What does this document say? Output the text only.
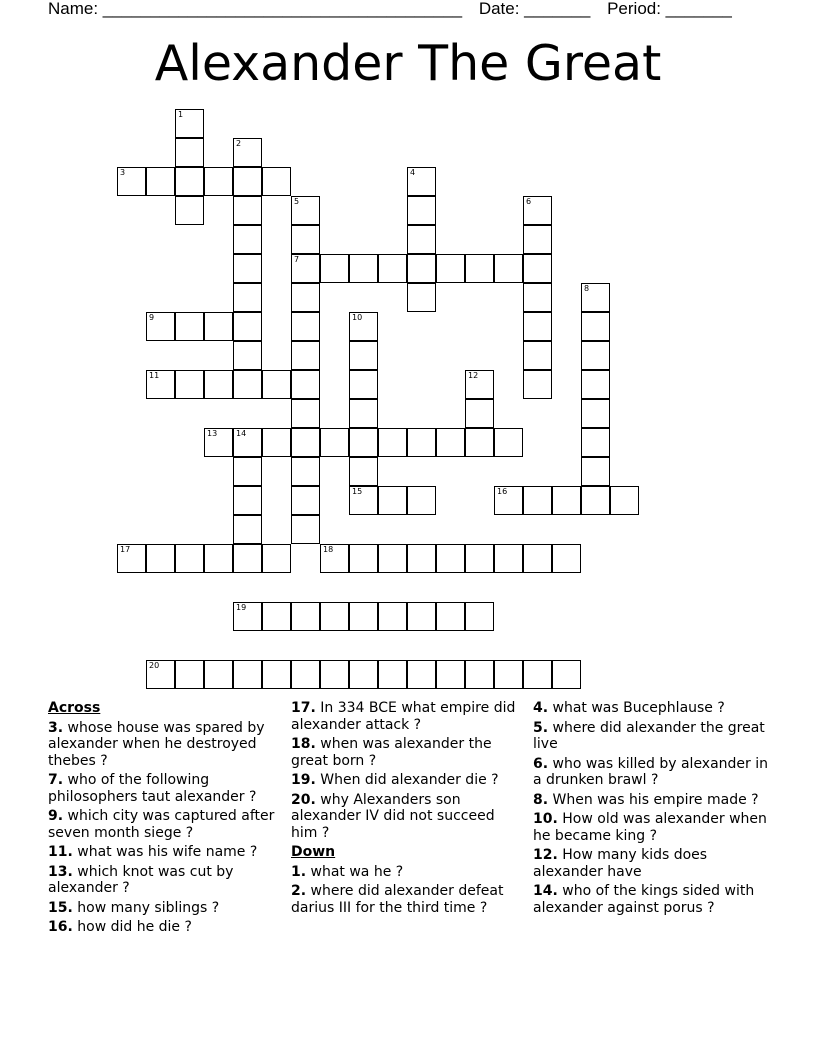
Name: ______________________________________ Date: _______ Period: _______
Alexander The Great
1
2
3	4
5	6
7
8
9	10
11	12
13 14
15	16
17	18
19
20
Across
3. whose house was spared by alexander when he destroyed thebes ?
7. who of the following philosophers taut alexander ?
9. which city was captured after seven month siege ?
11. what was his wife name ?
13. which knot was cut by alexander ?
15. how many siblings ?
16. how did he die ?
17. In 334 BCE what empire did alexander attack ?
18. when was alexander the great born ?
19. When did alexander die ?
20. why Alexanders son alexander IV did not succeed him ?
Down
1. what wa he ?
2. where did alexander defeat darius III for the third time ?
4. what was Bucephlause ?
5. where did alexander the great live
6. who was killed by alexander in a drunken brawl ?
8. When was his empire made ?
10. How old was alexander when he became king ?
12. How many kids does alexander have
14. who of the kings sided with alexander against porus ?
